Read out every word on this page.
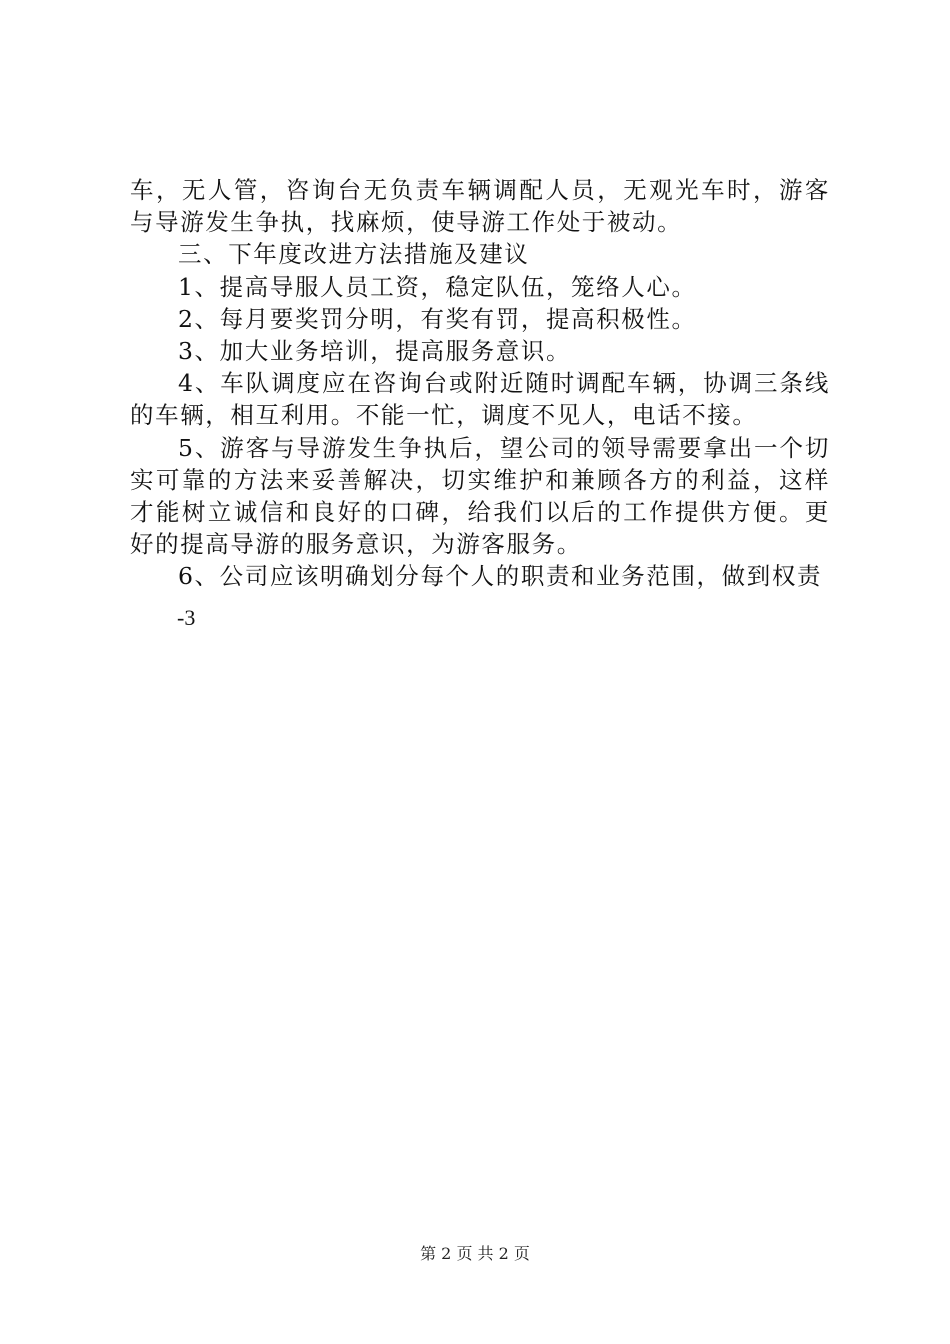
车，无人管，咨询台无负责车辆调配人员，无观光车时，游客与导游发生争执，找麻烦，使导游工作处于被动。

三、下年度改进方法措施及建议

1、提高导服人员工资，稳定队伍，笼络人心。

2、每月要奖罚分明，有奖有罚，提高积极性。

3、加大业务培训，提高服务意识。

4、车队调度应在咨询台或附近随时调配车辆，协调三条线的车辆，相互利用。不能一忙，调度不见人，电话不接。

5、游客与导游发生争执后，望公司的领导需要拿出一个切实可靠的方法来妥善解决，切实维护和兼顾各方的利益，这样才能树立诚信和良好的口碑，给我们以后的工作提供方便。更好的提高导游的服务意识，为游客服务。

6、公司应该明确划分每个人的职责和业务范围，做到权责

-3
第 2 页 共 2 页
